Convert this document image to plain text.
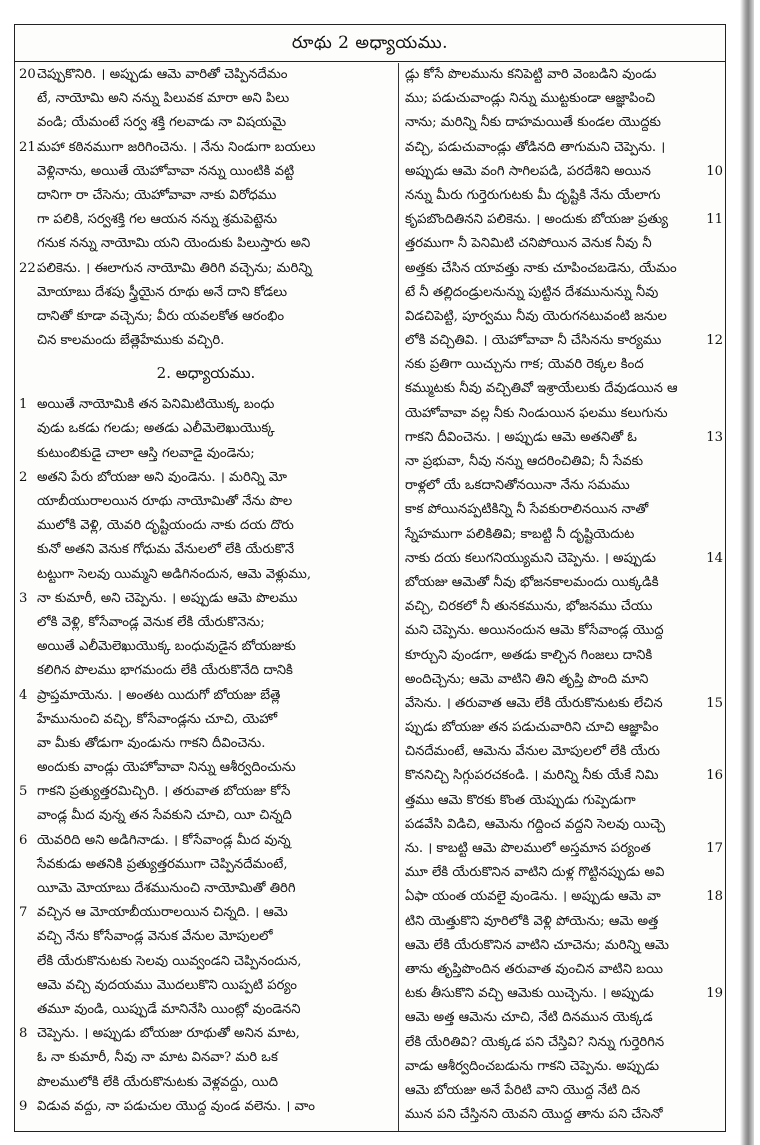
రూథు 2 అధ్యాయము.
20 చెప్పుకొనిరి. । అప్పుడు ఆమె వారితో చెప్పినదేమం
టే, నాయోమి అని నన్ను పిలువక మారా అని పిలు
వండి; యేమంటే సర్వ శక్తి గలవాడు నా విషయమై
21 మహా కఠినముగా జరిగించెను. । నేను నిండుగా బయలు
వెళ్లినాను, అయితే యెహోవావా నన్ను యింటికి వట్టి
దానిగా రా చేసెను; యెహోవావా నాకు విరోధము
గా పలికి, సర్వశక్తి గల ఆయన నన్ను శ్రమపెట్టెను
గనుక నన్ను నాయోమి యని యెందుకు పిలుస్తారు అని
22 పలికెను. । ఈలాగున నాయోమి తిరిగి వచ్చెను; మరిన్ని
మోయాబు దేశపు స్త్రీయైన రూథు అనే దాని కోడలు
దానితో కూడా వచ్చెను; వీరు యవలకోత ఆరంభిం
చిన కాలమందు బేత్లెహేముకు వచ్చిరి.
2. అధ్యాయము.
1 అయితే నాయోమికి తన పెనిమిటియొక్క బంధు
వుడు ఒకడు గలడు; అతడు ఎలీమెలెఖుయొక్క
కుటుంబికుడై చాలా ఆస్తి గలవాడై వుండెను;
2 అతని పేరు బోయజు అని వుండెను. । మరిన్ని మో
యాబీయురాలయిన రూథు నాయోమితో నేను పొల
ములోకి వెళ్లి, యెవరి దృష్టియందు నాకు దయ దొరు
కునో అతని వెనుక గోధుమ వేనులలో లేకి యేరుకొనే
టట్టుగా సెలవు యిమ్మని అడిగినందున, ఆమె వెళ్లుము,
3 నా కుమారీ, అని చెప్పెను. । అప్పుడు ఆమె పొలము
లోకి వెళ్లి, కోసేవాండ్ల వెనుక లేకి యేరుకొనెను;
అయితే ఎలీమెలెఖుయొక్క బంధువుడైన బోయజుకు
కలిగిన పొలము భాగమందు లేకి యేరుకొనేది దానికి
4 ప్రాప్తమాయెను. । అంతట యిదుగో బోయజు బేత్లె
హేమునుంచి వచ్చి, కోసేవాండ్లను చూచి, యెహో
వా మీకు తోడుగా వుండును గాకని దీవించెను.
అందుకు వాండ్లు యెహోవావా నిన్ను ఆశీర్వదించును
5 గాకని ప్రత్యుత్తరమిచ్చిరి. । తరువాత బోయజు కోసే
వాండ్ల మీద వున్న తన సేవకుని చూచి, యీ చిన్నది
6 యెవరిది అని అడిగినాడు. । కోసేవాండ్ల మీద వున్న
సేవకుడు అతనికి ప్రత్యుత్తరముగా చెప్పినదేమంటే,
యీమె మోయాబు దేశమునుంచి నాయోమితో తిరిగి
7 వచ్చిన ఆ మోయాబీయురాలయిన చిన్నది. । ఆమె
వచ్చి నేను కోసేవాండ్ల వెనుక వేనుల మోపులలో
లేకి యేరుకొనుటకు సెలవు యివ్వండని చెప్పినందున,
ఆమె వచ్చి వుదయము మొదలుకొని యిప్పటి పర్యం
తమూ వుండి, యిప్పుడే మానినేసి యింట్లో వుండెనని
8 చెప్పెను. । అప్పుడు బోయజు రూథుతో అనిన మాట,
ఓ నా కుమారీ, నీవు నా మాట వినవా? మరి ఒక
పొలములోకి లేకి యేరుకొనుటకు వెళ్లవద్దు, యిది
9 విడువ వద్దు, నా పడుచుల యొద్ద వుండ వలెను. । వాం
డ్లు కోసే పొలమును కనిపెట్టి వారి వెంబడిని వుండు
ము; పడుచువాండ్లు నిన్ను ముట్టకుండా ఆజ్ఞాపించి
నాను; మరిన్ని నీకు దాహమయితే కుండల యొద్దకు
వచ్చి, పడుచువాండ్లు తోడినది తాగుమని చెప్పెను. ।
10
అప్పుడు ఆమె వంగి సాగిలపడి, పరదేశిని అయిన
నన్ను మీరు గుర్తెరుగుటకు మీ దృష్టికి నేను యేలాగు
11
కృపబొందితినని పలికెను. । అందుకు బోయజు ప్రత్యు
త్తరముగా నీ పెనిమిటి చనిపోయిన వెనుక నీవు నీ
అత్తకు చేసిన యావత్తు నాకు చూపించబడెను, యేమం
టే నీ తల్లిదండ్రులనున్ను పుట్టిన దేశమునున్ను నీవు
విడచిపెట్టి, పూర్వము నీవు యెరుగనటువంటి జనుల
12
లోకి వచ్చితివి. । యెహోవావా నీ చేసినను కార్యము
నకు ప్రతిగా యిచ్చును గాక; యెవరి రెక్కల కింద
కమ్ముటకు నీవు వచ్చితివో ఇశ్రాయేలుకు దేవుడయిన ఆ
యెహోవావా వల్ల నీకు నిండుయిన ఫలము కలుగును
13
గాకని దీవించెను. । అప్పుడు ఆమె అతనితో ఓ
నా ప్రభువా, నీవు నన్ను ఆదరించితివి; నీ సేవకు
రాళ్లలో యే ఒకదానితోనయినా నేను సమము
కాక పోయినప్పటికిన్ని నీ సేవకురాలినయిన నాతో
స్నేహముగా పలికితివి; కాబట్టి నీ దృష్టియెదుట
14
నాకు దయ కలుగనియ్యుమని చెప్పెను. । అప్పుడు
బోయజు ఆమెతో నీవు భోజనకాలమందు యిక్కడికి
వచ్చి, చిరకలో నీ తునకమును, భోజనము చేయు
మని చెప్పెను. అయినందున ఆమె కోసేవాండ్ల యొద్ద
కూర్చుని వుండగా, అతడు కాల్చిన గింజలు దానికి
అందిచ్చెను; ఆమె వాటిని తిని తృప్తి పొంది మాని
15
వేసెను. । తరువాత ఆమె లేకి యేరుకొనుటకు లేచిన
ప్పుడు బోయజు తన పడుచువారిని చూచి ఆజ్ఞాపిం
చినదేమంటే, ఆమెను వేనుల మోపులలో లేకి యేరు
16
కొననిచ్చి సిగ్గుపరచకండి. । మరిన్ని నీకు యేకే నిమి
త్తము ఆమె కొరకు కొంత యెప్పుడు గుప్పెడుగా
పడవేసి విడిచి, ఆమెను గద్దించ వద్దని సెలవు యిచ్చె
17
ను. । కాబట్టి ఆమె పొలములో అస్తమాన పర్యంత
మూ లేకి యేరుకొనిన వాటిని దుళ్ల గొట్టినప్పుడు అవి
18
ఏఫా యంత యవలై వుండెను. । అప్పుడు ఆమె వా
టిని యెత్తుకొని వూరిలోకి వెళ్లి పోయెను; ఆమె అత్త
ఆమె లేకి యేరుకొనిన వాటిని చూచెను; మరిన్ని ఆమె
తాను తృప్తిపొందిన తరువాత వుంచిన వాటిని బయి
19
టకు తీసుకొని వచ్చి ఆమెకు యిచ్చెను. । అప్పుడు
ఆమె అత్త ఆమెను చూచి, నేటి దినమున యెక్కడ
లేకి యేరితివి? యెక్కడ పని చేస్తివి? నిన్ను గుర్తెరిగిన
వాడు ఆశీర్వదించబడును గాకని చెప్పెను. అప్పుడు
ఆమె బోయజు అనే పేరిటి వాని యొద్ద నేటి దిన
మున పని చేస్తినని యెవని యొద్ద తాను పని చేసెనో
